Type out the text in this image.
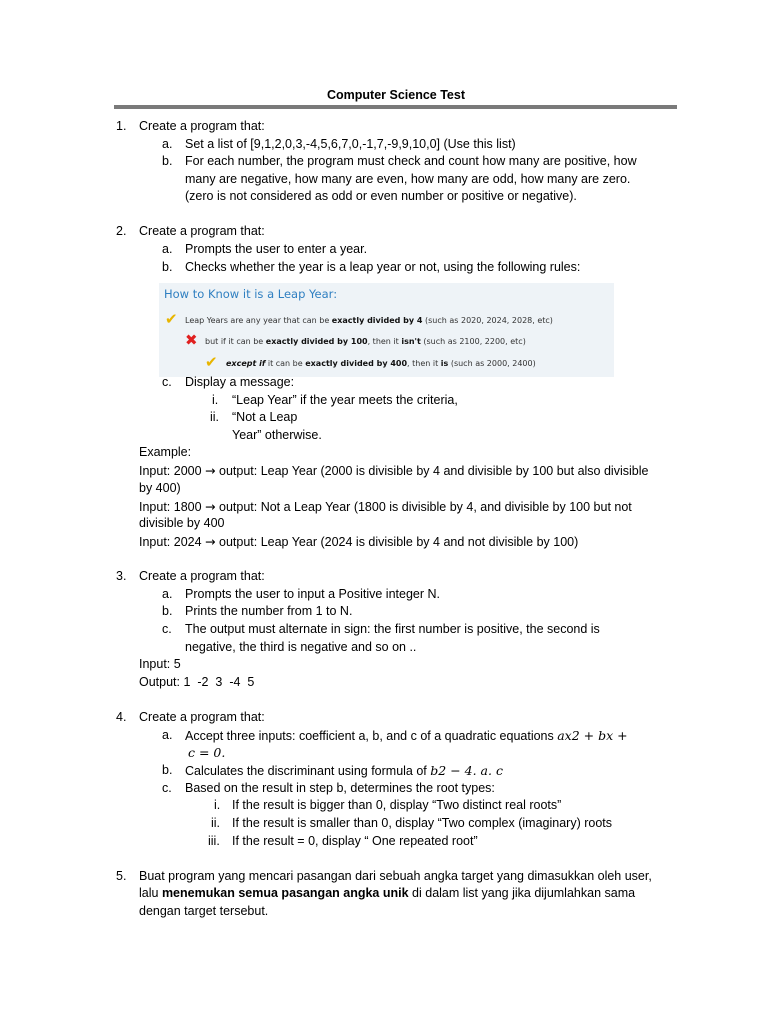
Computer Science Test
1. Create a program that:
a. Set a list of [9,1,2,0,3,-4,5,6,7,0,-1,7,-9,9,10,0] (Use this list)
b. For each number, the program must check and count how many are positive, how
many are negative, how many are even, how many are odd, how many are zero.
(zero is not considered as odd or even number or positive or negative).
2. Create a program that:
a. Prompts the user to enter a year.
b. Checks whether the year is a leap year or not, using the following rules:
How to Know it is a Leap Year:
✔ Leap Years are any year that can be exactly divided by 4 (such as 2020, 2024, 2028, etc)
✖ but if it can be exactly divided by 100, then it isn't (such as 2100, 2200, etc)
✔ except if it can be exactly divided by 400, then it is (such as 2000, 2400)
c. Display a message:
i. “Leap Year” if the year meets the criteria,
ii. “Not a Leap
Year” otherwise.
Example:
Input: 2000 → output: Leap Year (2000 is divisible by 4 and divisible by 100 but also divisible
by 400)
Input: 1800 → output: Not a Leap Year (1800 is divisible by 4, and divisible by 100 but not
divisible by 400
Input: 2024 → output: Leap Year (2024 is divisible by 4 and not divisible by 100)
3. Create a program that:
a. Prompts the user to input a Positive integer N.
b. Prints the number from 1 to N.
c. The output must alternate in sign: the first number is positive, the second is
negative, the third is negative and so on ..
Input: 5
Output: 1  -2  3  -4  5
4. Create a program that:
a. Accept three inputs: coefficient a, b, and c of a quadratic equations ax2 + bx +
c = 0.
b. Calculates the discriminant using formula of b2 − 4. a. c
c. Based on the result in step b, determines the root types:
i. If the result is bigger than 0, display “Two distinct real roots”
ii. If the result is smaller than 0, display “Two complex (imaginary) roots
iii. If the result = 0, display “ One repeated root”
5. Buat program yang mencari pasangan dari sebuah angka target yang dimasukkan oleh user,
lalu menemukan semua pasangan angka unik di dalam list yang jika dijumlahkan sama
dengan target tersebut.
